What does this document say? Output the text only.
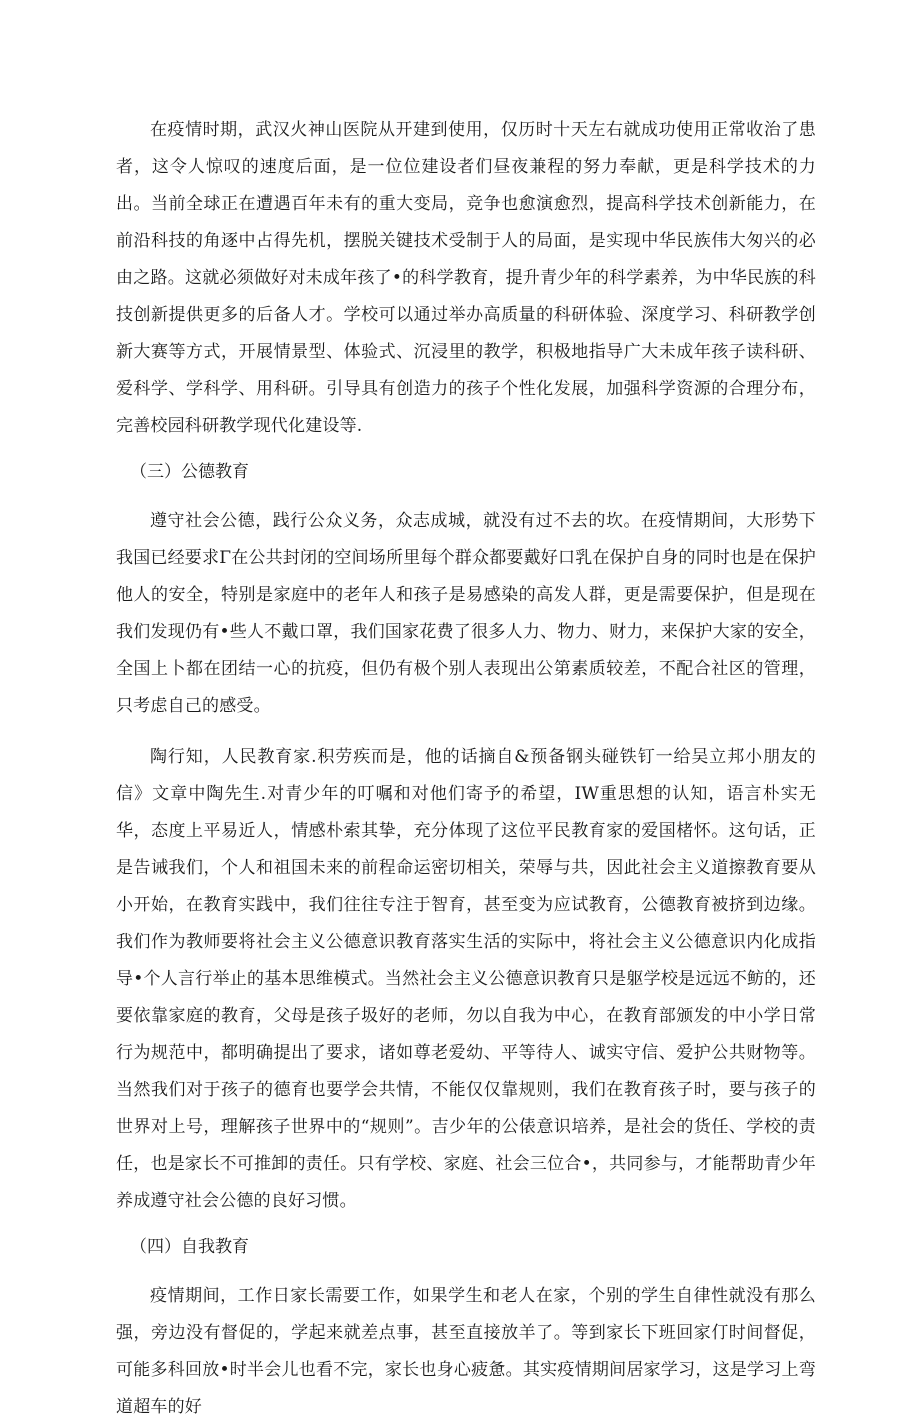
在疫情时期，武汉火神山医院从开建到使用，仅历时十天左右就成功使用正常收治了患者，这令人惊叹的速度后面，是一位位建设者们昼夜兼程的努力奉献，更是科学技术的力出。当前全球正在遭遇百年未有的重大变局，竞争也愈演愈烈，提高科学技术创新能力，在前沿科技的角逐中占得先机，摆脱关键技术受制于人的局面，是实现中华民族伟大匆兴的必由之路。这就必须做好对未成年孩了•的科学教育，提升青少年的科学素养，为中华民族的科技创新提供更多的后备人才。学校可以通过举办高质量的科研体验、深度学习、科研教学创新大赛等方式，开展情景型、体验式、沉浸里的教学，积极地指导广大未成年孩子读科研、爱科学、学科学、用科研。引导具有创造力的孩子个性化发展，加强科学资源的合理分布，完善校园科研教学现代化建设等.

（三）公德教育

遵守社会公德，践行公众义务，众志成城，就没有过不去的坎。在疫情期间，大形势下我国已经要求Γ在公共封闭的空间场所里每个群众都要戴好口乳在保护自身的同时也是在保护他人的安全，特别是家庭中的老年人和孩子是易感染的高发人群，更是需要保护，但是现在我们发现仍有•些人不戴口罩，我们国家花费了很多人力、物力、财力，来保护大家的安全，全国上卜都在团结一心的抗疫，但仍有极个别人表现出公第素质较差，不配合社区的管理，只考虑自己的感受。

陶行知，人民教育家.积劳疾而是，他的话摘自&预备钢头碰铁钉一给吴立邦小朋友的信》文章中陶先生.对青少年的叮嘱和对他们寄予的希望，IW重思想的认知，语言朴实无华，态度上平易近人，情感朴索其挚，充分体现了这位平民教育家的爱国楮怀。这句话，正是告诫我们，个人和祖国未来的前程命运密切相关，荣辱与共，因此社会主义道擦教育要从小开始，在教育实践中，我们往往专注于智育，甚至变为应试教育，公德教育被挤到边缘。我们作为教师要将社会主义公德意识教育落实生活的实际中，将社会主义公德意识内化成指导•个人言行举止的基本思维模式。当然社会主义公德意识教育只是躯学校是远远不鲂的，还要依靠家庭的教育，父母是孩子圾好的老师，勿以自我为中心，在教育部颁发的中小学日常行为规范中，都明确提出了要求，诸如尊老爱幼、平等待人、诚实守信、爱护公共财物等。当然我们对于孩子的德育也要学会共情，不能仅仅靠规则，我们在教育孩子时，要与孩子的世界对上号，理解孩子世界中的“规则”。吉少年的公俵意识培养，是社会的货任、学校的责任，也是家长不可推卸的责任。只有学校、家庭、社会三位合•，共同参与，才能帮助青少年养成遵守社会公德的良好习惯。

（四）自我教育

疫情期间，工作日家长需要工作，如果学生和老人在家，个别的学生自律性就没有那么强，旁边没有督促的，学起来就差点事，甚至直接放羊了。等到家长下班回家仃时间督促，可能多科回放•时半会儿也看不完，家长也身心疲惫。其实疫情期间居家学习，这是学习上弯道超车的好
